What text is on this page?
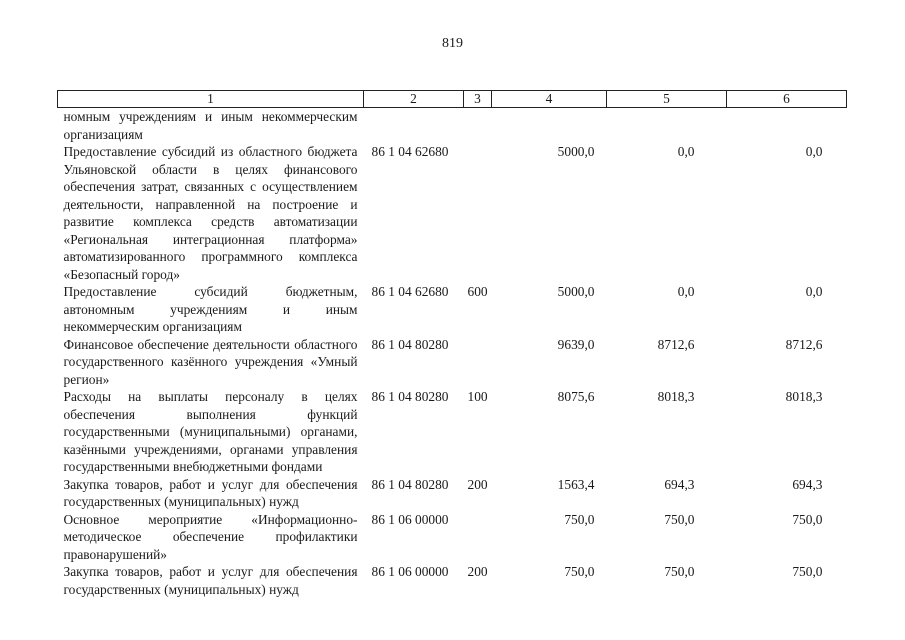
819
1	2	3	4	5	6
номным учреждениям и иным некоммерческим организациям					
Предоставление субсидий из областного бюджета Ульяновской области в целях финансового обеспечения затрат, связанных с осуществлением деятельности, направленной на построение и развитие комплекса средств автоматизации «Региональная интеграционная платформа» автоматизированного программного комплекса «Безопасный город»	86 1 04 62680		5000,0	0,0	0,0
Предоставление субсидий бюджетным, автономным учреждениям и иным некоммерческим организациям	86 1 04 62680	600	5000,0	0,0	0,0
Финансовое обеспечение деятельности областного государственного казённого учреждения «Умный регион»	86 1 04 80280		9639,0	8712,6	8712,6
Расходы на выплаты персоналу в целях обеспечения выполнения функций государственными (муниципальными) органами, казёнными учреждениями, органами управления государственными внебюджетными фондами	86 1 04 80280	100	8075,6	8018,3	8018,3
Закупка товаров, работ и услуг для обеспечения государственных (муниципальных) нужд	86 1 04 80280	200	1563,4	694,3	694,3
Основное мероприятие «Информационно-методическое обеспечение профилактики правонарушений»	86 1 06 00000		750,0	750,0	750,0
Закупка товаров, работ и услуг для обеспечения государственных (муниципальных) нужд	86 1 06 00000	200	750,0	750,0	750,0
